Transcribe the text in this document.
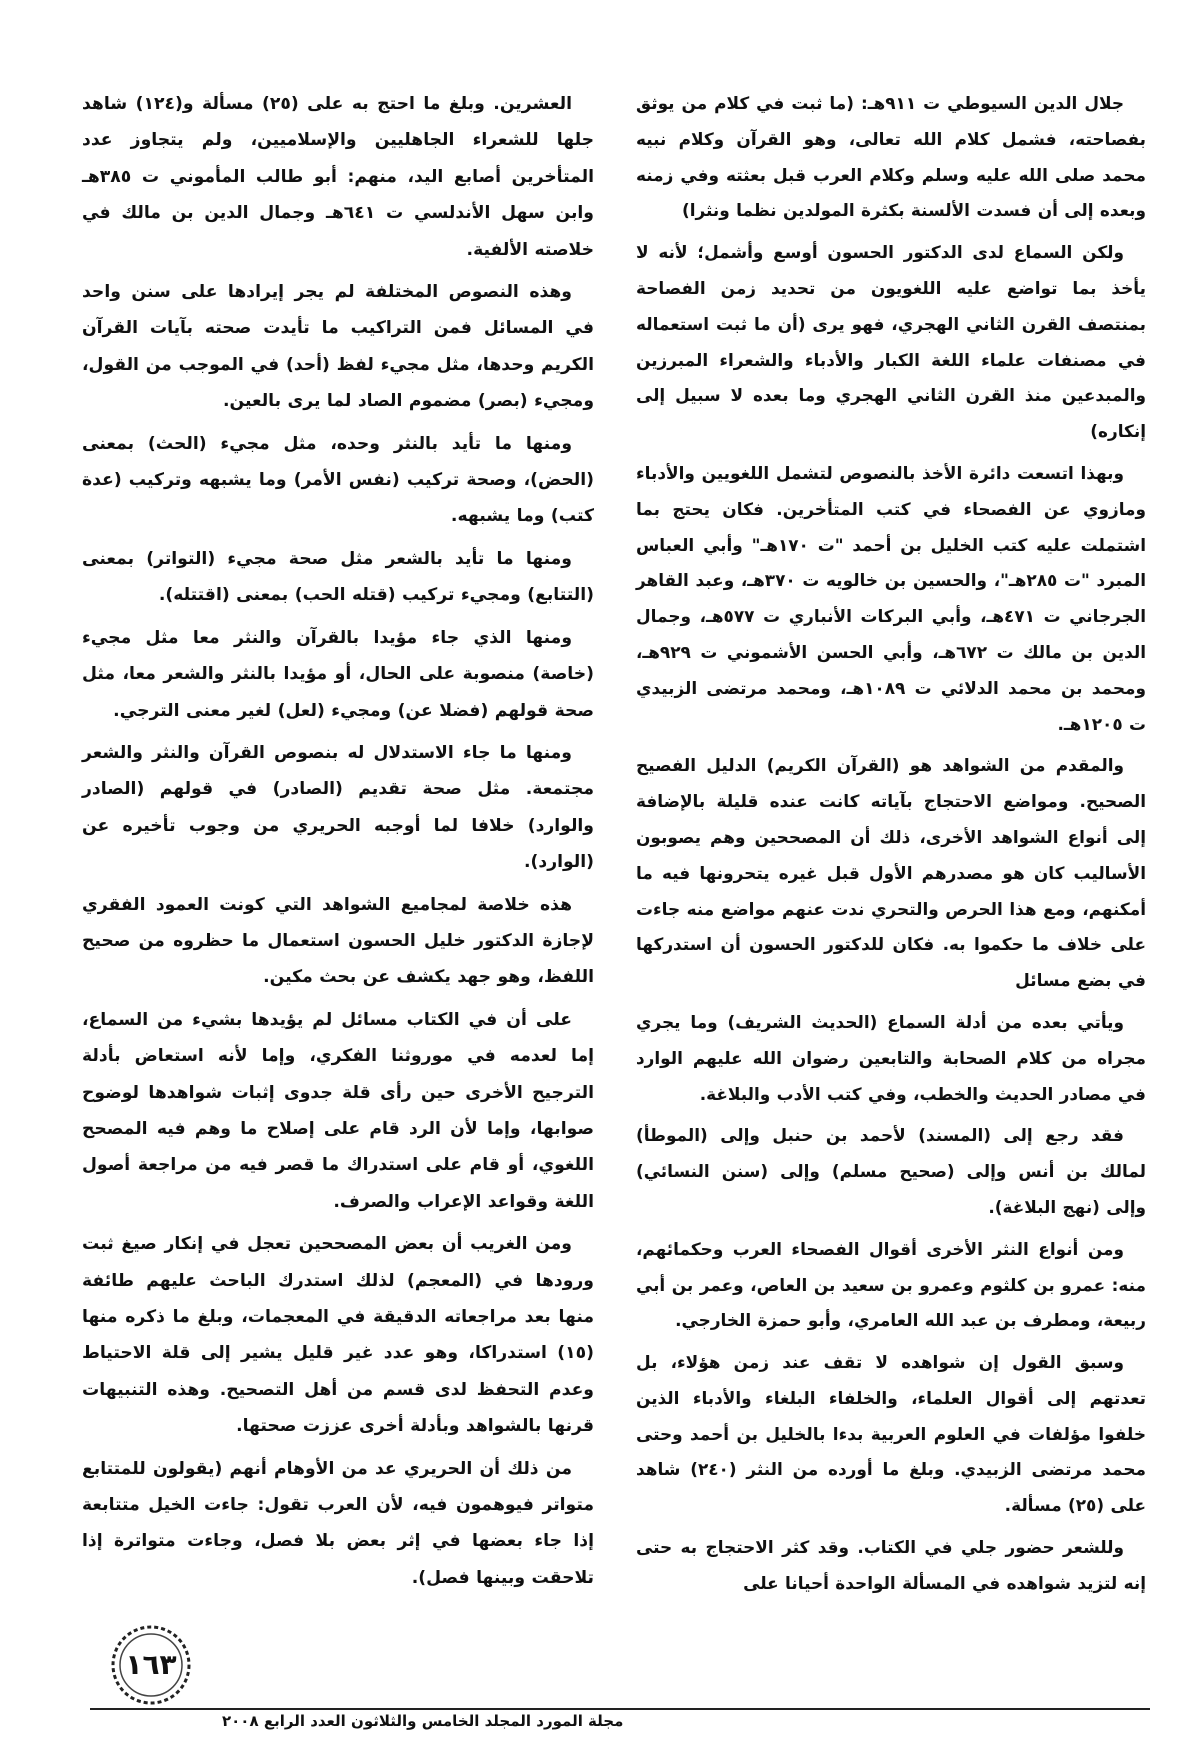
جلال الدين السيوطي ت ٩١١هـ: (ما ثبت في كلام من يوثق بفصاحته، فشمل كلام الله تعالى، وهو القرآن وكلام نبيه محمد صلى الله عليه وسلم وكلام العرب قبل بعثته وفي زمنه وبعده إلى أن فسدت الألسنة بكثرة المولدين نظما ونثرا)

ولكن السماع لدى الدكتور الحسون أوسع وأشمل؛ لأنه لا يأخذ بما تواضع عليه اللغويون من تحديد زمن الفصاحة بمنتصف القرن الثاني الهجري، فهو يرى (أن ما ثبت استعماله في مصنفات علماء اللغة الكبار والأدباء والشعراء المبرزين والمبدعين منذ القرن الثاني الهجري وما بعده لا سبيل إلى إنكاره)

وبهذا اتسعت دائرة الأخذ بالنصوص لتشمل اللغويين والأدباء ومازوي عن الفصحاء في كتب المتأخرين. فكان يحتج بما اشتملت عليه كتب الخليل بن أحمد "ت ١٧٠هـ" وأبي العباس المبرد "ت ٢٨٥هـ"، والحسين بن خالويه ت ٣٧٠هـ، وعبد القاهر الجرجاني ت ٤٧١هـ، وأبي البركات الأنباري ت ٥٧٧هـ، وجمال الدين بن مالك ت ٦٧٢هـ، وأبي الحسن الأشموني ت ٩٢٩هـ، ومحمد بن محمد الدلائي ت ١٠٨٩هـ، ومحمد مرتضى الزبيدي ت ١٢٠٥هـ.

والمقدم من الشواهد هو (القرآن الكريم) الدليل الفصيح الصحيح. ومواضع الاحتجاج بآياته كانت عنده قليلة بالإضافة إلى أنواع الشواهد الأخرى، ذلك أن المصححين وهم يصوبون الأساليب كان هو مصدرهم الأول قبل غيره يتحرونها فيه ما أمكنهم، ومع هذا الحرص والتحري ندت عنهم مواضع منه جاءت على خلاف ما حكموا به. فكان للدكتور الحسون أن استدركها في بضع مسائل

ويأتي بعده من أدلة السماع (الحديث الشريف) وما يجري مجراه من كلام الصحابة والتابعين رضوان الله عليهم الوارد في مصادر الحديث والخطب، وفي كتب الأدب والبلاغة.

فقد رجع إلى (المسند) لأحمد بن حنبل وإلى (الموطأ) لمالك بن أنس وإلى (صحيح مسلم) وإلى (سنن النسائي) وإلى (نهج البلاغة).

ومن أنواع النثر الأخرى أقوال الفصحاء العرب وحكمائهم، منه: عمرو بن كلثوم وعمرو بن سعيد بن العاص، وعمر بن أبي ربيعة، ومطرف بن عبد الله العامري، وأبو حمزة الخارجي.

وسبق القول إن شواهده لا تقف عند زمن هؤلاء، بل تعدتهم إلى أقوال العلماء، والخلفاء البلغاء والأدباء الذين خلفوا مؤلفات في العلوم العربية بدءا بالخليل بن أحمد وحتى محمد مرتضى الزبيدي. وبلغ ما أورده من النثر (٢٤٠) شاهد على (٢٥) مسألة.

وللشعر حضور جلي في الكتاب. وقد كثر الاحتجاج به حتى إنه لتزيد شواهده في المسألة الواحدة أحيانا على

العشرين. وبلغ ما احتج به على (٢٥) مسألة و(١٢٤) شاهد جلها للشعراء الجاهليين والإسلاميين، ولم يتجاوز عدد المتأخرين أصابع اليد، منهم: أبو طالب المأموني ت ٣٨٥هـ وابن سهل الأندلسي ت ٦٤١هـ وجمال الدين بن مالك في خلاصته الألفية.

وهذه النصوص المختلفة لم يجر إيرادها على سنن واحد في المسائل فمن التراكيب ما تأيدت صحته بآيات القرآن الكريم وحدها، مثل مجيء لفظ (أحد) في الموجب من القول، ومجيء (بصر) مضموم الصاد لما يرى بالعين.

ومنها ما تأيد بالنثر وحده، مثل مجيء (الحث) بمعنى (الحض)، وصحة تركيب (نفس الأمر) وما يشبهه وتركيب (عدة كتب) وما يشبهه.

ومنها ما تأيد بالشعر مثل صحة مجيء (التواتر) بمعنى (التتابع) ومجيء تركيب (قتله الحب) بمعنى (اقتتله).

ومنها الذي جاء مؤيدا بالقرآن والنثر معا مثل مجيء (خاصة) منصوبة على الحال، أو مؤيدا بالنثر والشعر معا، مثل صحة قولهم (فضلا عن) ومجيء (لعل) لغير معنى الترجي.

ومنها ما جاء الاستدلال له بنصوص القرآن والنثر والشعر مجتمعة. مثل صحة تقديم (الصادر) في قولهم (الصادر والوارد) خلافا لما أوجبه الحريري من وجوب تأخيره عن (الوارد).

هذه خلاصة لمجاميع الشواهد التي كونت العمود الفقري لإجازة الدكتور خليل الحسون استعمال ما حظروه من صحيح اللفظ، وهو جهد يكشف عن بحث مكين.

على أن في الكتاب مسائل لم يؤيدها بشيء من السماع، إما لعدمه في موروثنا الفكري، وإما لأنه استعاض بأدلة الترجيح الأخرى حين رأى قلة جدوى إثبات شواهدها لوضوح صوابها، وإما لأن الرد قام على إصلاح ما وهم فيه المصحح اللغوي، أو قام على استدراك ما قصر فيه من مراجعة أصول اللغة وقواعد الإعراب والصرف.

ومن الغريب أن بعض المصححين تعجل في إنكار صيغ ثبت ورودها في (المعجم) لذلك استدرك الباحث عليهم طائفة منها بعد مراجعاته الدقيقة في المعجمات، وبلغ ما ذكره منها (١٥) استدراكا، وهو عدد غير قليل يشير إلى قلة الاحتياط وعدم التحفظ لدى قسم من أهل التصحيح. وهذه التنبيهات قرنها بالشواهد وبأدلة أخرى عززت صحتها.

من ذلك أن الحريري عد من الأوهام أنهم (يقولون للمتتابع متواتر فيوهمون فيه، لأن العرب تقول: جاءت الخيل متتابعة إذا جاء بعضها في إثر بعض بلا فصل، وجاءت متواترة إذا تلاحقت وبينها فصل).

١٦٣
مجلة المورد المجلد الخامس والثلاثون العدد الرابع ٢٠٠٨
